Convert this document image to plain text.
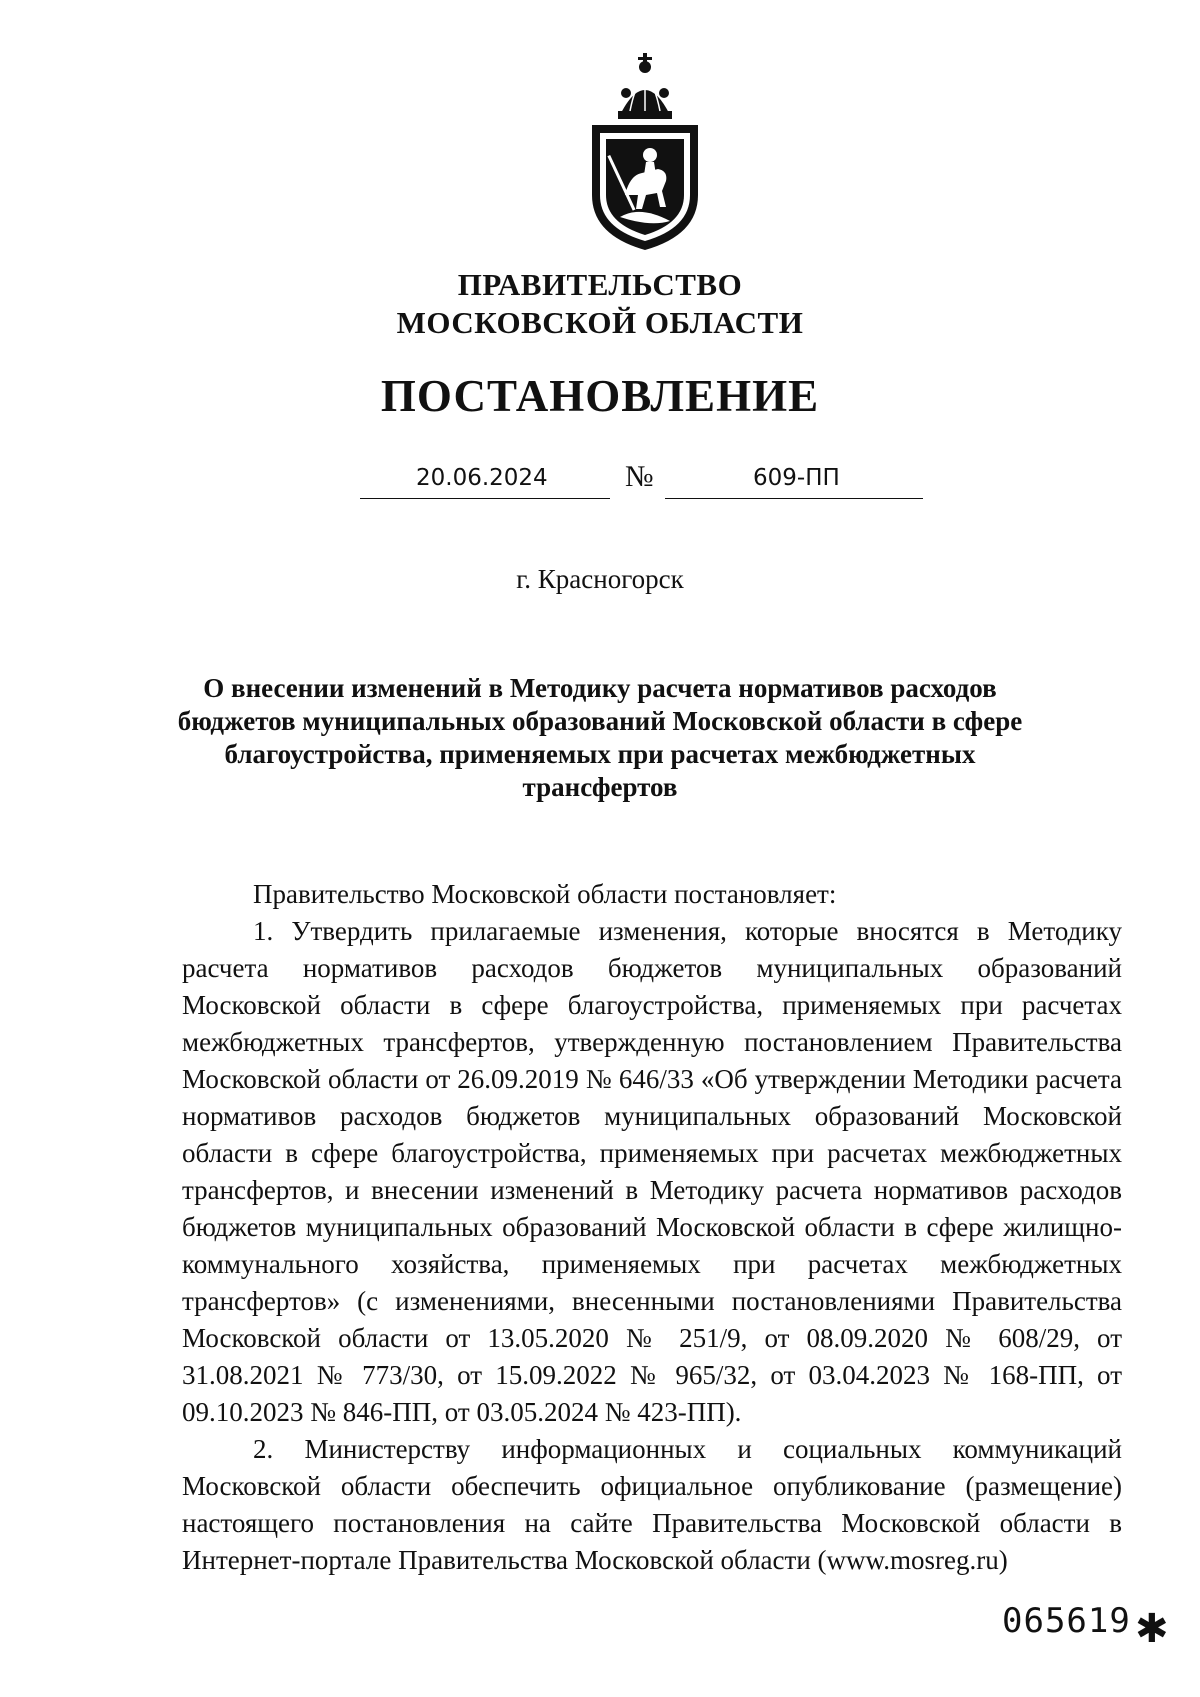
ПРАВИТЕЛЬСТВО
МОСКОВСКОЙ ОБЛАСТИ
ПОСТАНОВЛЕНИЕ
20.06.2024	№	609-ПП
г. Красногорск
О внесении изменений в Методику расчета нормативов расходов бюджетов муниципальных образований Московской области в сфере благоустройства, применяемых при расчетах межбюджетных трансфертов

Правительство Московской области постановляет:

1. Утвердить прилагаемые изменения, которые вносятся в Методику расчета нормативов расходов бюджетов муниципальных образований Московской области в сфере благоустройства, применяемых при расчетах межбюджетных трансфертов, утвержденную постановлением Правительства Московской области от 26.09.2019 № 646/33 «Об утверждении Методики расчета нормативов расходов бюджетов муниципальных образований Московской области в сфере благоустройства, применяемых при расчетах межбюджетных трансфертов, и внесении изменений в Методику расчета нормативов расходов бюджетов муниципальных образований Московской области в сфере жилищно-коммунального хозяйства, применяемых при расчетах межбюджетных трансфертов» (с изменениями, внесенными постановлениями Правительства Московской области от 13.05.2020 № 251/9, от 08.09.2020 № 608/29, от 31.08.2021 № 773/30, от 15.09.2022 № 965/32, от 03.04.2023 № 168-ПП, от 09.10.2023 № 846-ПП, от 03.05.2024 № 423-ПП).

2. Министерству информационных и социальных коммуникаций Московской области обеспечить официальное опубликование (размещение) настоящего постановления на сайте Правительства Московской области в Интернет-портале Правительства Московской области (www.mosreg.ru)

065619 ✱
